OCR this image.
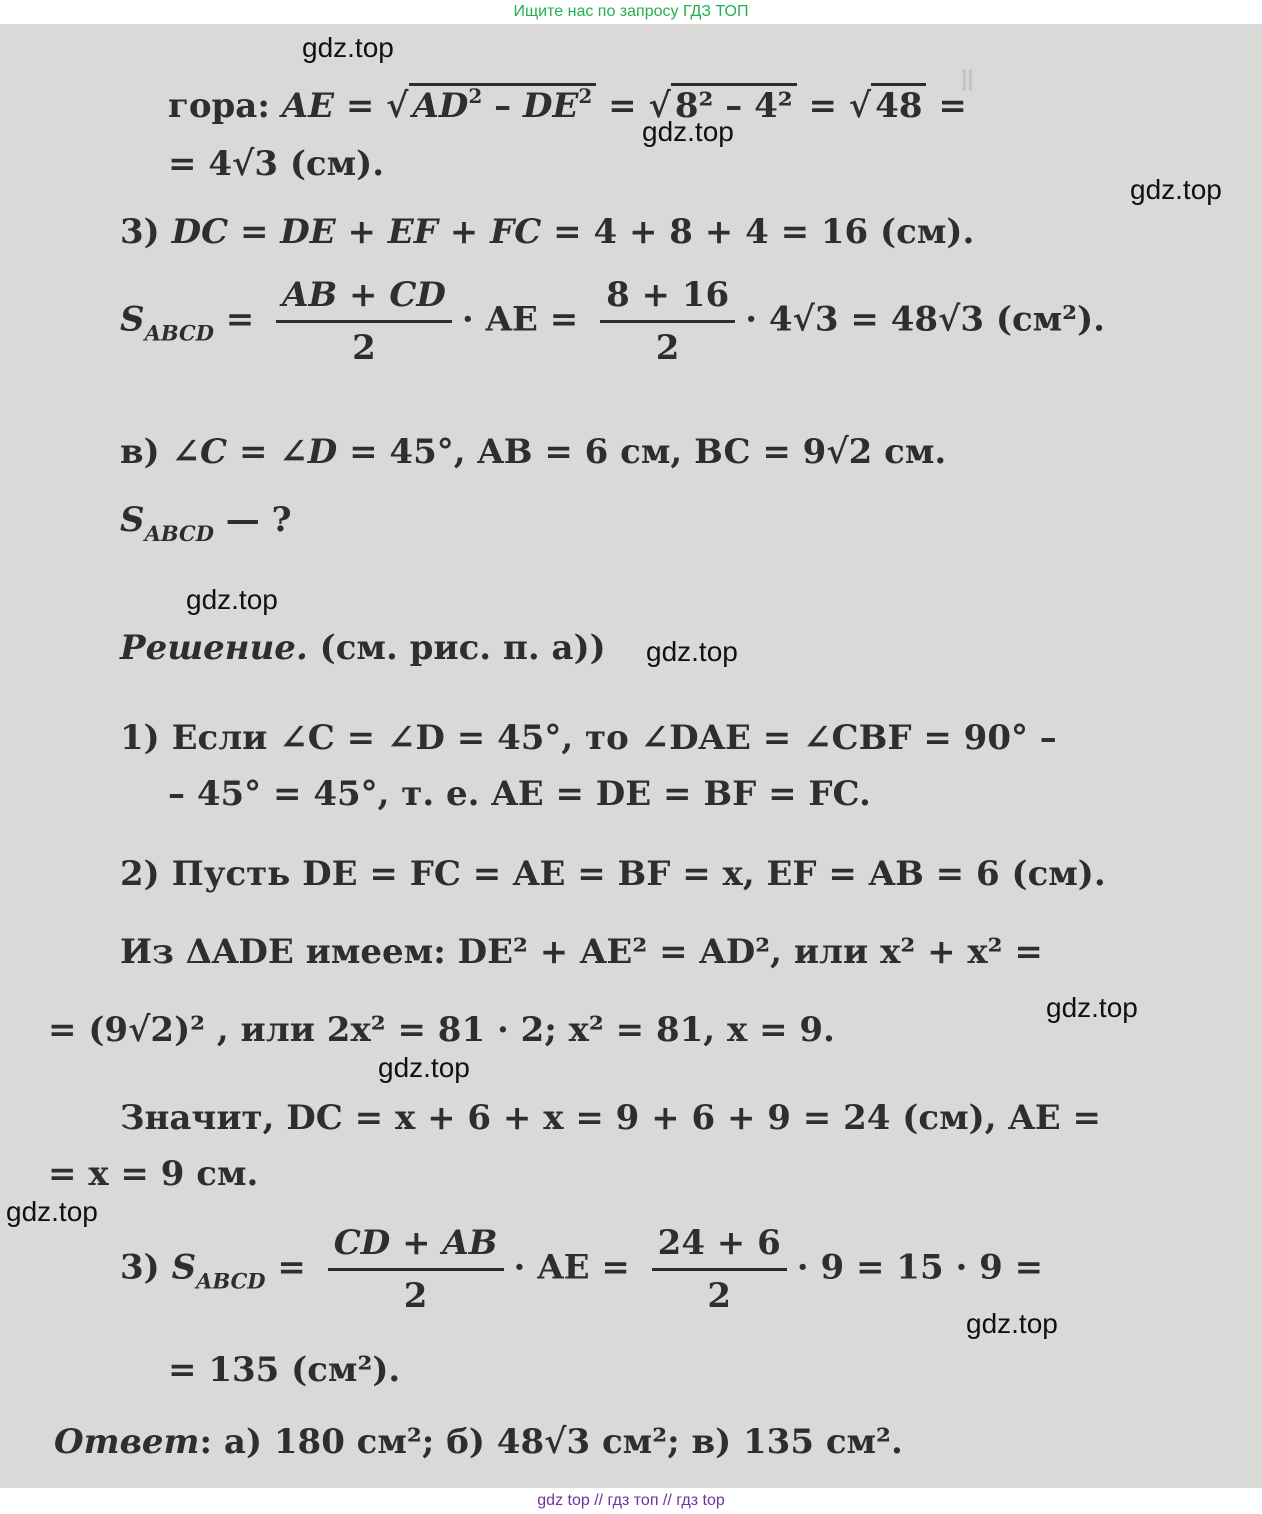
Ищите нас по запросу ГДЗ ТОП
Ⅱ
гора: AE = √ $AD^2 - DE^2$ = √ 8² – 4² = √ 48 =
= 4√3 (см).
3) DC = DE + EF + FC = 4 + 8 + 4 = 16 (см).
$S_{ABCD} = \frac{AB + CD}{2}$ · AE = $\frac{8 + 16}{2} \cdot 4√3 = 48√3$ (см²).
в) ∠C = ∠D = 45°, AB = 6 см, BC = 9√2 см.
$S_{ABCD}$ — ?
Решение. (см. рис. п. а))
1) Если ∠C = ∠D = 45°, то ∠DAE = ∠CBF = 90° –
– 45° = 45°, т. е. AE = DE = BF = FC.
2) Пусть DE = FC = AE = BF = x, EF = AB = 6 (см).
Из ΔADE имеем: DE² + AE² = AD², или x² + x² =
= (9√2)² , или 2x² = 81 · 2; x² = 81, x = 9.
Значит, DC = x + 6 + x = 9 + 6 + 9 = 24 (см), AE =
= x = 9 см.
3) $S_{ABCD} = \frac{CD + AB}{2}$ · AE = $\frac{24 + 6}{2} \cdot 9 = 15 \cdot 9$ =
= 135 (см²).
Ответ: а) 180 см²; б) 48√3 см²; в) 135 см².
gdz.top
gdz.top
gdz.top
gdz.top
gdz.top
gdz.top
gdz.top
gdz.top
gdz.top
gdz top // гдз топ // гдз top
